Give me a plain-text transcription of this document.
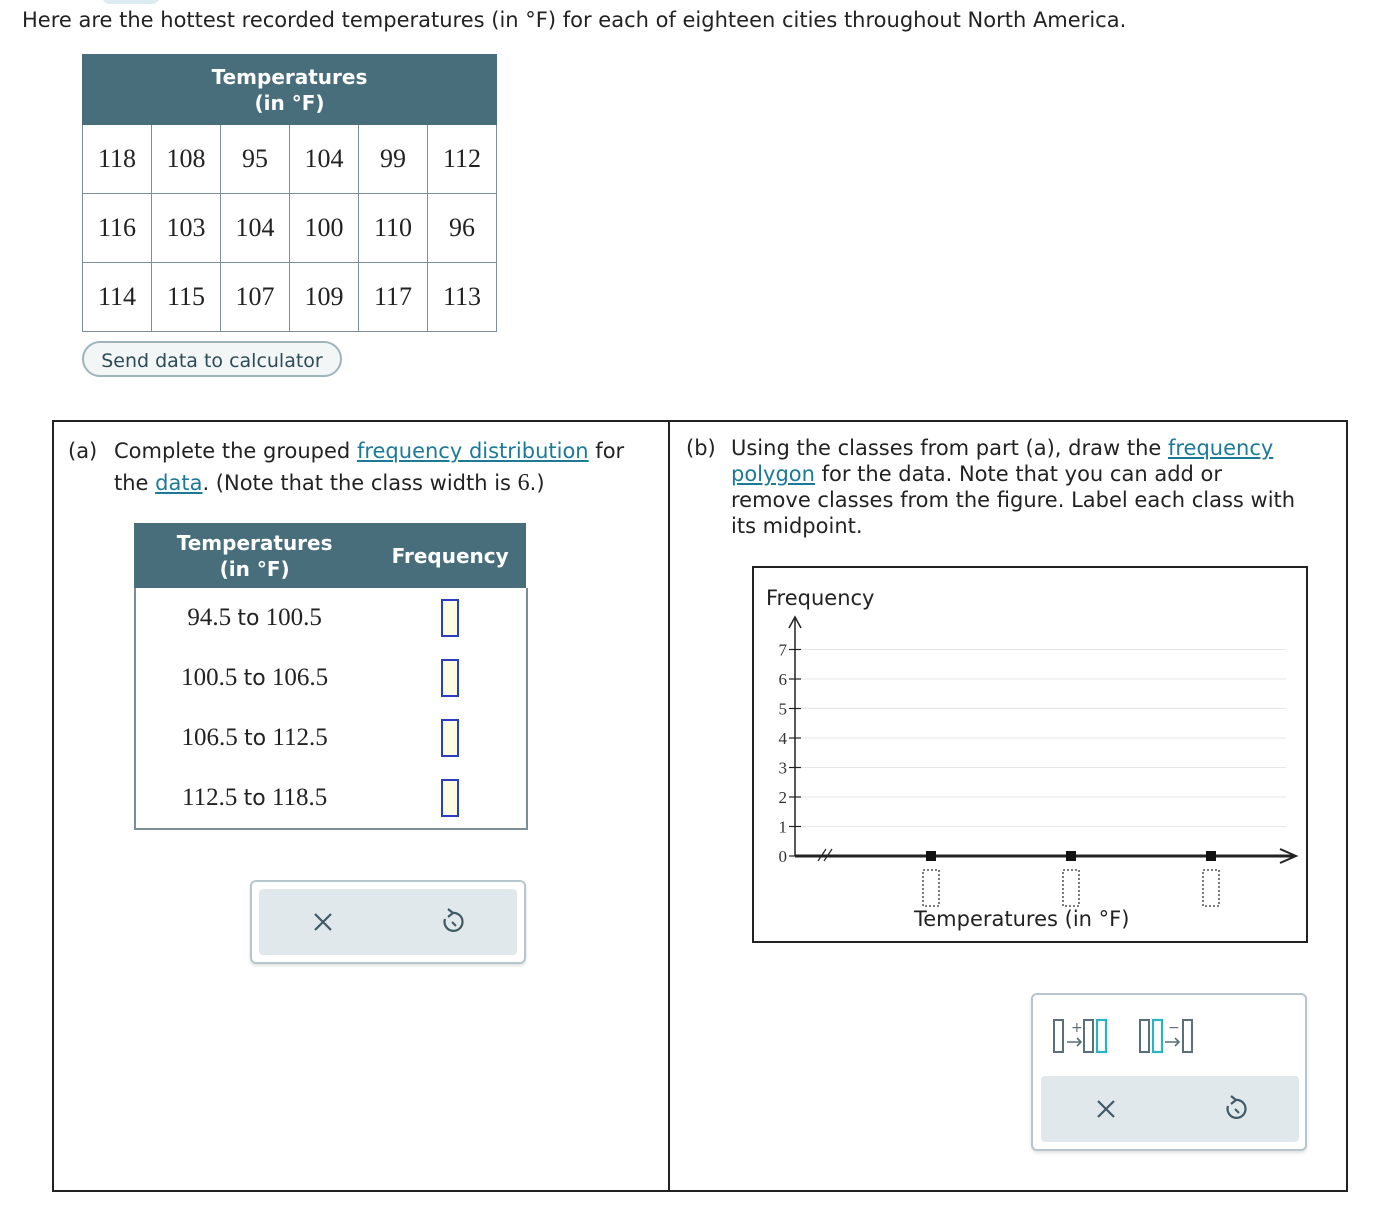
Here are the hottest recorded temperatures (in °F) for each of eighteen cities throughout North America.
Temperatures
(in °F)					

118	108	95	104	99	112
116	103	104	100	110	96
114	115	107	109	117	113
Send data to calculator
(a) Complete the grouped frequency distribution for
the data. (Note that the class width is 6.)
Temperatures
(in °F)	Frequency
94.5 to 100.5	
100.5 to 106.5	
106.5 to 112.5	
112.5 to 118.5	
(b) Using the classes from part (a), draw the frequency
polygon for the data. Note that you can add or
remove classes from the figure. Label each class with
its midpoint.
Frequency
Temperatures (in °F)
0
1
2
3
4
5
6
7
+	−
